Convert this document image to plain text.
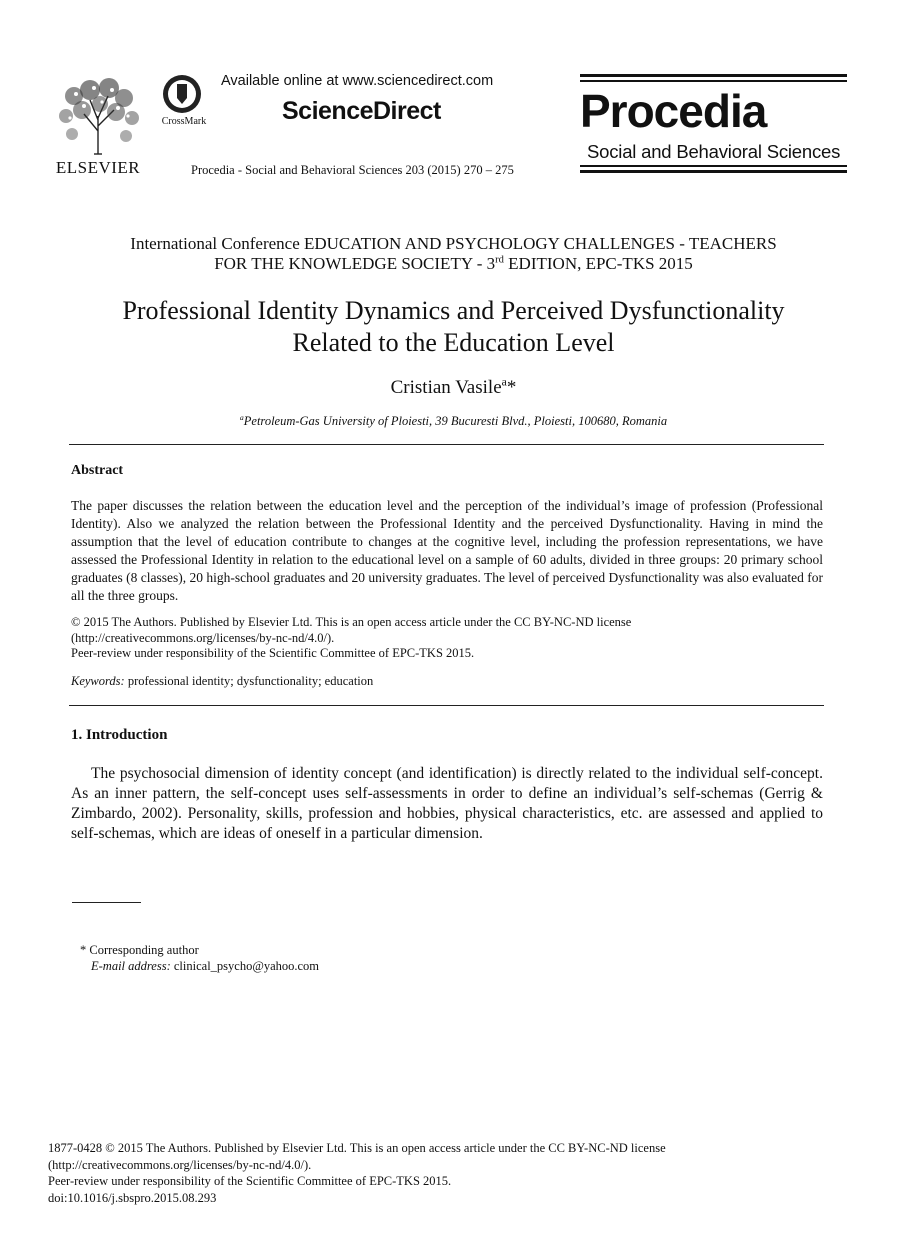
ELSEVIER
CrossMark
Available online at www.sciencedirect.com
ScienceDirect
Procedia - Social and Behavioral Sciences 203 (2015) 270 – 275
Procedia
Social and Behavioral Sciences
International Conference EDUCATION AND PSYCHOLOGY CHALLENGES - TEACHERS
FOR THE KNOWLEDGE SOCIETY - 3rd EDITION, EPC-TKS 2015
Professional Identity Dynamics and Perceived Dysfunctionality
Related to the Education Level
Cristian Vasile$^a$*
$^a$Petroleum-Gas University of Ploiesti, 39 Bucuresti Blvd., Ploiesti, 100680, Romania
Abstract
The paper discusses the relation between the education level and the perception of the individual’s image of profession (Professional Identity). Also we analyzed the relation between the Professional Identity and the perceived Dysfunctionality. Having in mind the assumption that the level of education contribute to changes at the cognitive level, including the profession representations, we have assessed the Professional Identity in relation to the educational level on a sample of 60 adults, divided in three groups: 20 primary school graduates (8 classes), 20 high-school graduates and 20 university graduates. The level of perceived Dysfunctionality was also evaluated for all the three groups.
© 2015 The Authors. Published by Elsevier Ltd. This is an open access article under the CC BY-NC-ND license
(http://creativecommons.org/licenses/by-nc-nd/4.0/).
Peer-review under responsibility of the Scientific Committee of EPC-TKS 2015.
Keywords: professional identity; dysfunctionality; education
1. Introduction
The psychosocial dimension of identity concept (and identification) is directly related to the individual self-concept. As an inner pattern, the self-concept uses self-assessments in order to define an individual’s self-schemas (Gerrig & Zimbardo, 2002). Personality, skills, profession and hobbies, physical characteristics, etc. are assessed and applied to self-schemas, which are ideas of oneself in a particular dimension.
* Corresponding author
E-mail address: clinical_psycho@yahoo.com
1877-0428 © 2015 The Authors. Published by Elsevier Ltd. This is an open access article under the CC BY-NC-ND license
(http://creativecommons.org/licenses/by-nc-nd/4.0/).
Peer-review under responsibility of the Scientific Committee of EPC-TKS 2015.
doi:10.1016/j.sbspro.2015.08.293
